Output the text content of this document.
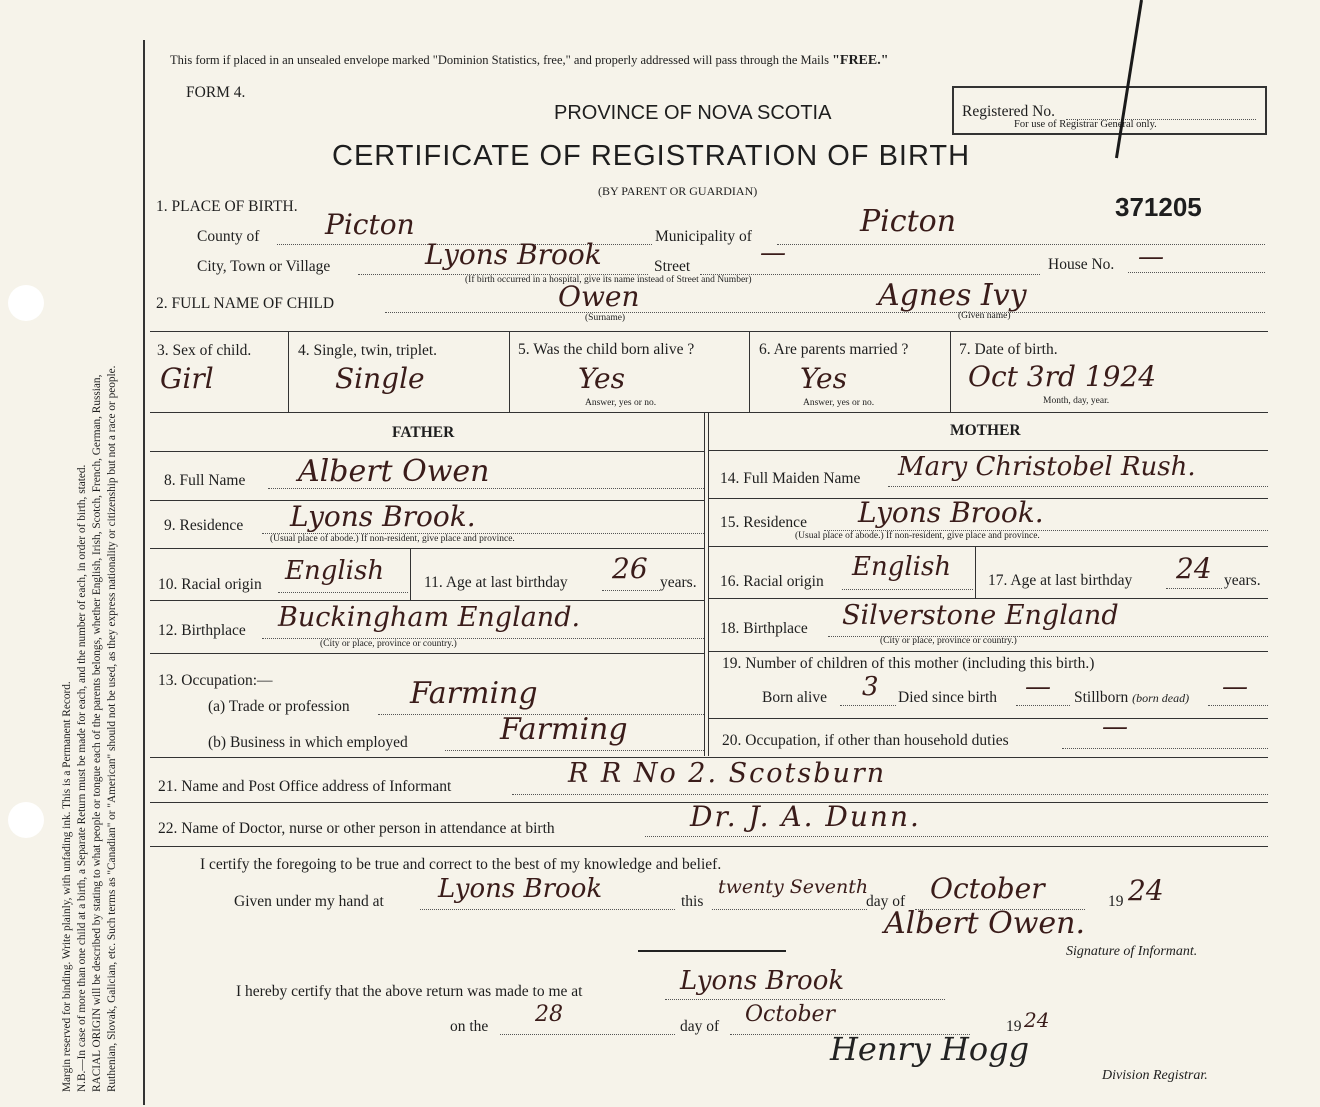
Margin reserved for binding. Write plainly, with unfading ink. This is a Permanent Record. N.B.—In case of more than one child at a birth, a Separate Return must be made for each, and the number of each, in order of birth, stated. RACIAL ORIGIN will be described by stating to what people or tongue each of the parents belongs, whether English, Irish, Scotch, French, German, Russian, Ruthenian, Slovak, Galician, etc. Such terms as "Canadian" or "American" should not be used, as they express nationality or citizenship but not a race or people.
This form if placed in an unsealed envelope marked "Dominion Statistics, free," and properly addressed will pass through the Mails "FREE."
FORM 4.
PROVINCE OF NOVA SCOTIA
CERTIFICATE OF REGISTRATION OF BIRTH
(BY PARENT OR GUARDIAN)
Registered No.
For use of Registrar General only.
371205
1. PLACE OF BIRTH.
County of Picton	Municipality of	Picton
City, Town or Village	Lyons Brook
(If birth occurred in a hospital, give its name instead of Street and Number)
Street	—	House No. —
2. FULL NAME OF CHILD	Owen
(Surname)
Agnes Ivy
(Given name)
3. Sex of child.
Girl
4. Single, twin, triplet.
Single
5. Was the child born alive ?
Yes
Answer, yes or no.
6. Are parents married ?
Yes
Answer, yes or no.
7. Date of birth.
Oct 3rd 1924
Month, day, year.
FATHER	MOTHER
8. Full Name Albert Owen
9. Residence Lyons Brook.
(Usual place of abode.) If non-resident, give place and province.
10. Racial origin English	11. Age at last birthday 26 years.
12. Birthplace Buckingham England.
(City or place, province or country.)
13. Occupation:—
(a) Trade or profession Farming
(b) Business in which employed	Farming
14. Full Maiden Name Mary Christobel Rush.
15. Residence Lyons Brook.
(Usual place of abode.) If non-resident, give place and province.
16. Racial origin English 17. Age at last birthday 24 years.
18. Birthplace Silverstone England
(City or place, province or country.)
19. Number of children of this mother (including this birth.)
Born alive 3 Died since birth — Stillborn (born dead) —
20. Occupation, if other than household duties	—
21. Name and Post Office address of Informant	R R No 2. Scotsburn
22. Name of Doctor, nurse or other person in attendance at birth	Dr. J. A. Dunn.
I certify the foregoing to be true and correct to the best of my knowledge and belief.
Given under my hand at Lyons Brook	this
twenty Seventh
day of October	19 24
Albert Owen.
Signature of Informant.
I hereby certify that the above return was made to me at	Lyons Brook
on the 28	day of October	19 24
Henry Hogg
Division Registrar.
